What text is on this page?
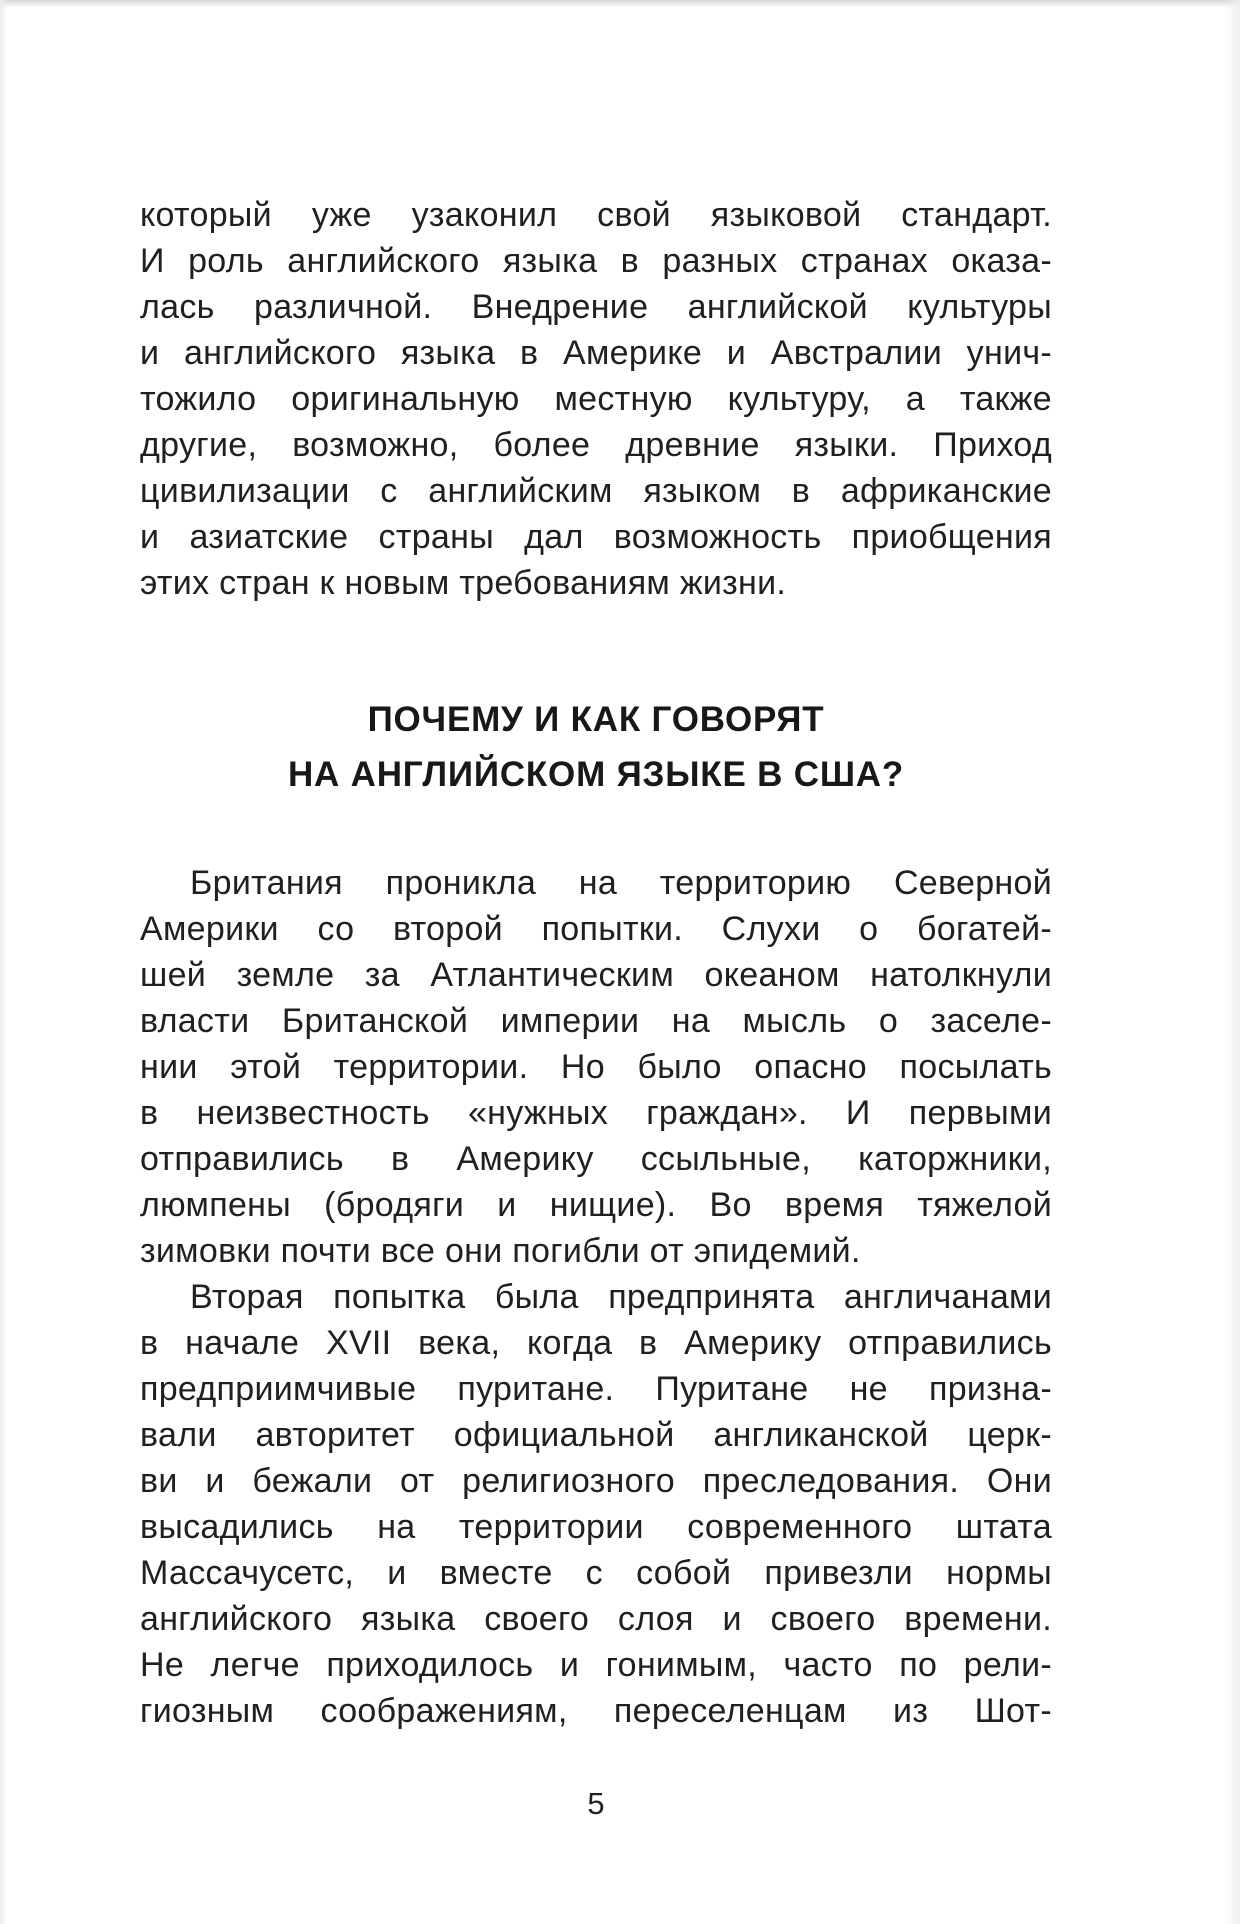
который уже узаконил свой языковой стандарт.
И роль английского языка в разных странах оказа-
лась различной. Внедрение английской культуры
и английского языка в Америке и Австралии унич-
тожило оригинальную местную культуру, а также
другие, возможно, более древние языки. Приход
цивилизации с английским языком в африканские
и азиатские страны дал возможность приобщения
этих стран к новым требованиям жизни.
ПОЧЕМУ И КАК ГОВОРЯТ
НА АНГЛИЙСКОМ ЯЗЫКЕ В США?
Британия проникла на территорию Северной
Америки со второй попытки. Слухи о богатей-
шей земле за Атлантическим океаном натолкнули
власти Британской империи на мысль о заселе-
нии этой территории. Но было опасно посылать
в неизвестность «нужных граждан». И первыми
отправились в Америку ссыльные, каторжники,
люмпены (бродяги и нищие). Во время тяжелой
зимовки почти все они погибли от эпидемий.
Вторая попытка была предпринята англичанами
в начале XVII века, когда в Америку отправились
предприимчивые пуритане. Пуритане не призна-
вали авторитет официальной англиканской церк-
ви и бежали от религиозного преследования. Они
высадились на территории современного штата
Массачусетс, и вместе с собой привезли нормы
английского языка своего слоя и своего времени.
Не легче приходилось и гонимым, часто по рели-
гиозным соображениям, переселенцам из Шот-
5
